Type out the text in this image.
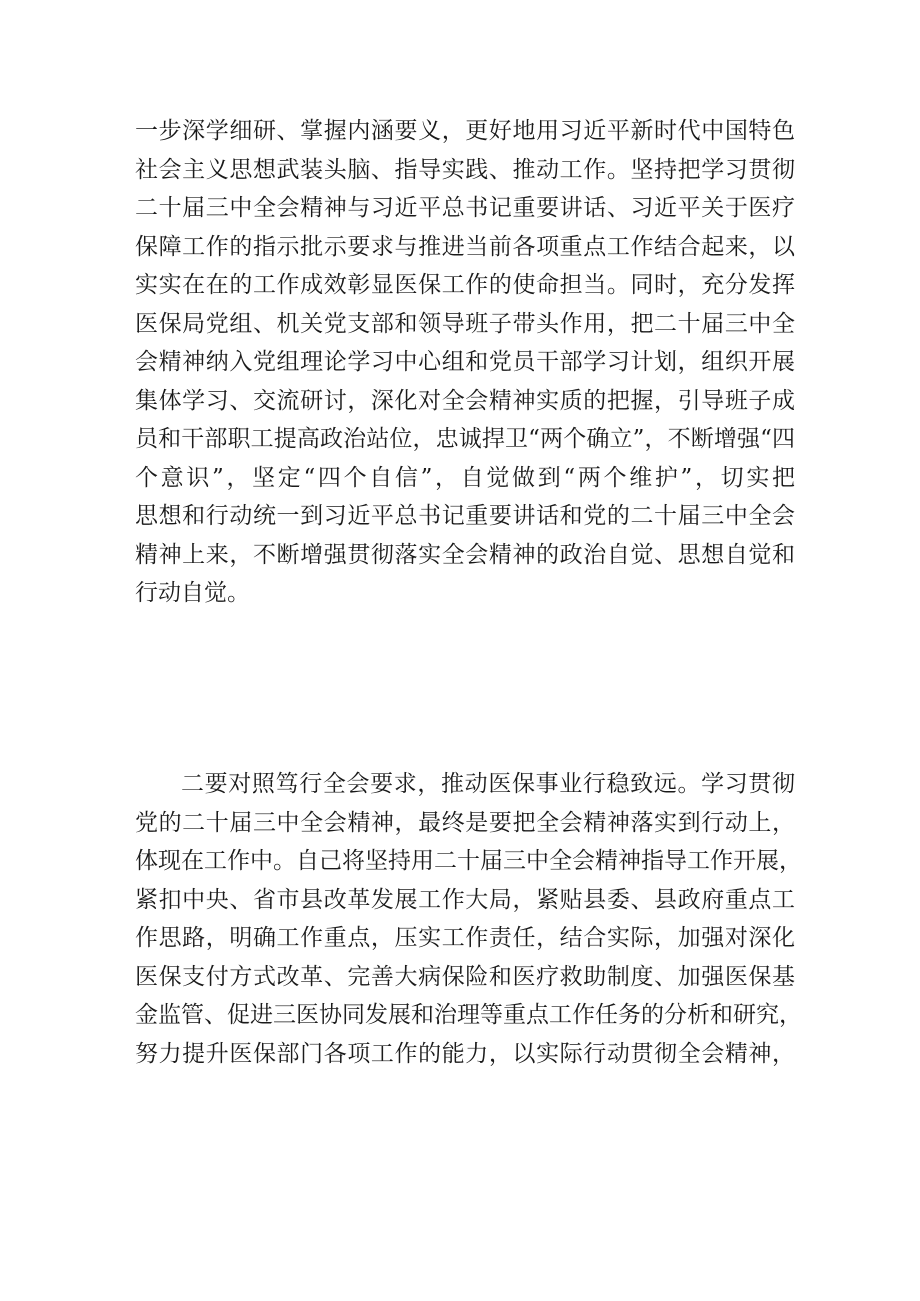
一步深学细研、掌握内涵要义，更好地用习近平新时代中国特色
社会主义思想武装头脑、指导实践、推动工作。坚持把学习贯彻
二十届三中全会精神与习近平总书记重要讲话、习近平关于医疗
保障工作的指示批示要求与推进当前各项重点工作结合起来，以
实实在在的工作成效彰显医保工作的使命担当。同时，充分发挥
医保局党组、机关党支部和领导班子带头作用，把二十届三中全
会精神纳入党组理论学习中心组和党员干部学习计划，组织开展
集体学习、交流研讨，深化对全会精神实质的把握，引导班子成
员和干部职工提高政治站位，忠诚捍卫“两个确立”，不断增强“四
个意识”，坚定“四个自信”，自觉做到“两个维护”，切实把
思想和行动统一到习近平总书记重要讲话和党的二十届三中全会
精神上来，不断增强贯彻落实全会精神的政治自觉、思想自觉和
行动自觉。
二要对照笃行全会要求，推动医保事业行稳致远。学习贯彻
党的二十届三中全会精神，最终是要把全会精神落实到行动上，
体现在工作中。自己将坚持用二十届三中全会精神指导工作开展，
紧扣中央、省市县改革发展工作大局，紧贴县委、县政府重点工
作思路，明确工作重点，压实工作责任，结合实际，加强对深化
医保支付方式改革、完善大病保险和医疗救助制度、加强医保基
金监管、促进三医协同发展和治理等重点工作任务的分析和研究，
努力提升医保部门各项工作的能力，以实际行动贯彻全会精神，
